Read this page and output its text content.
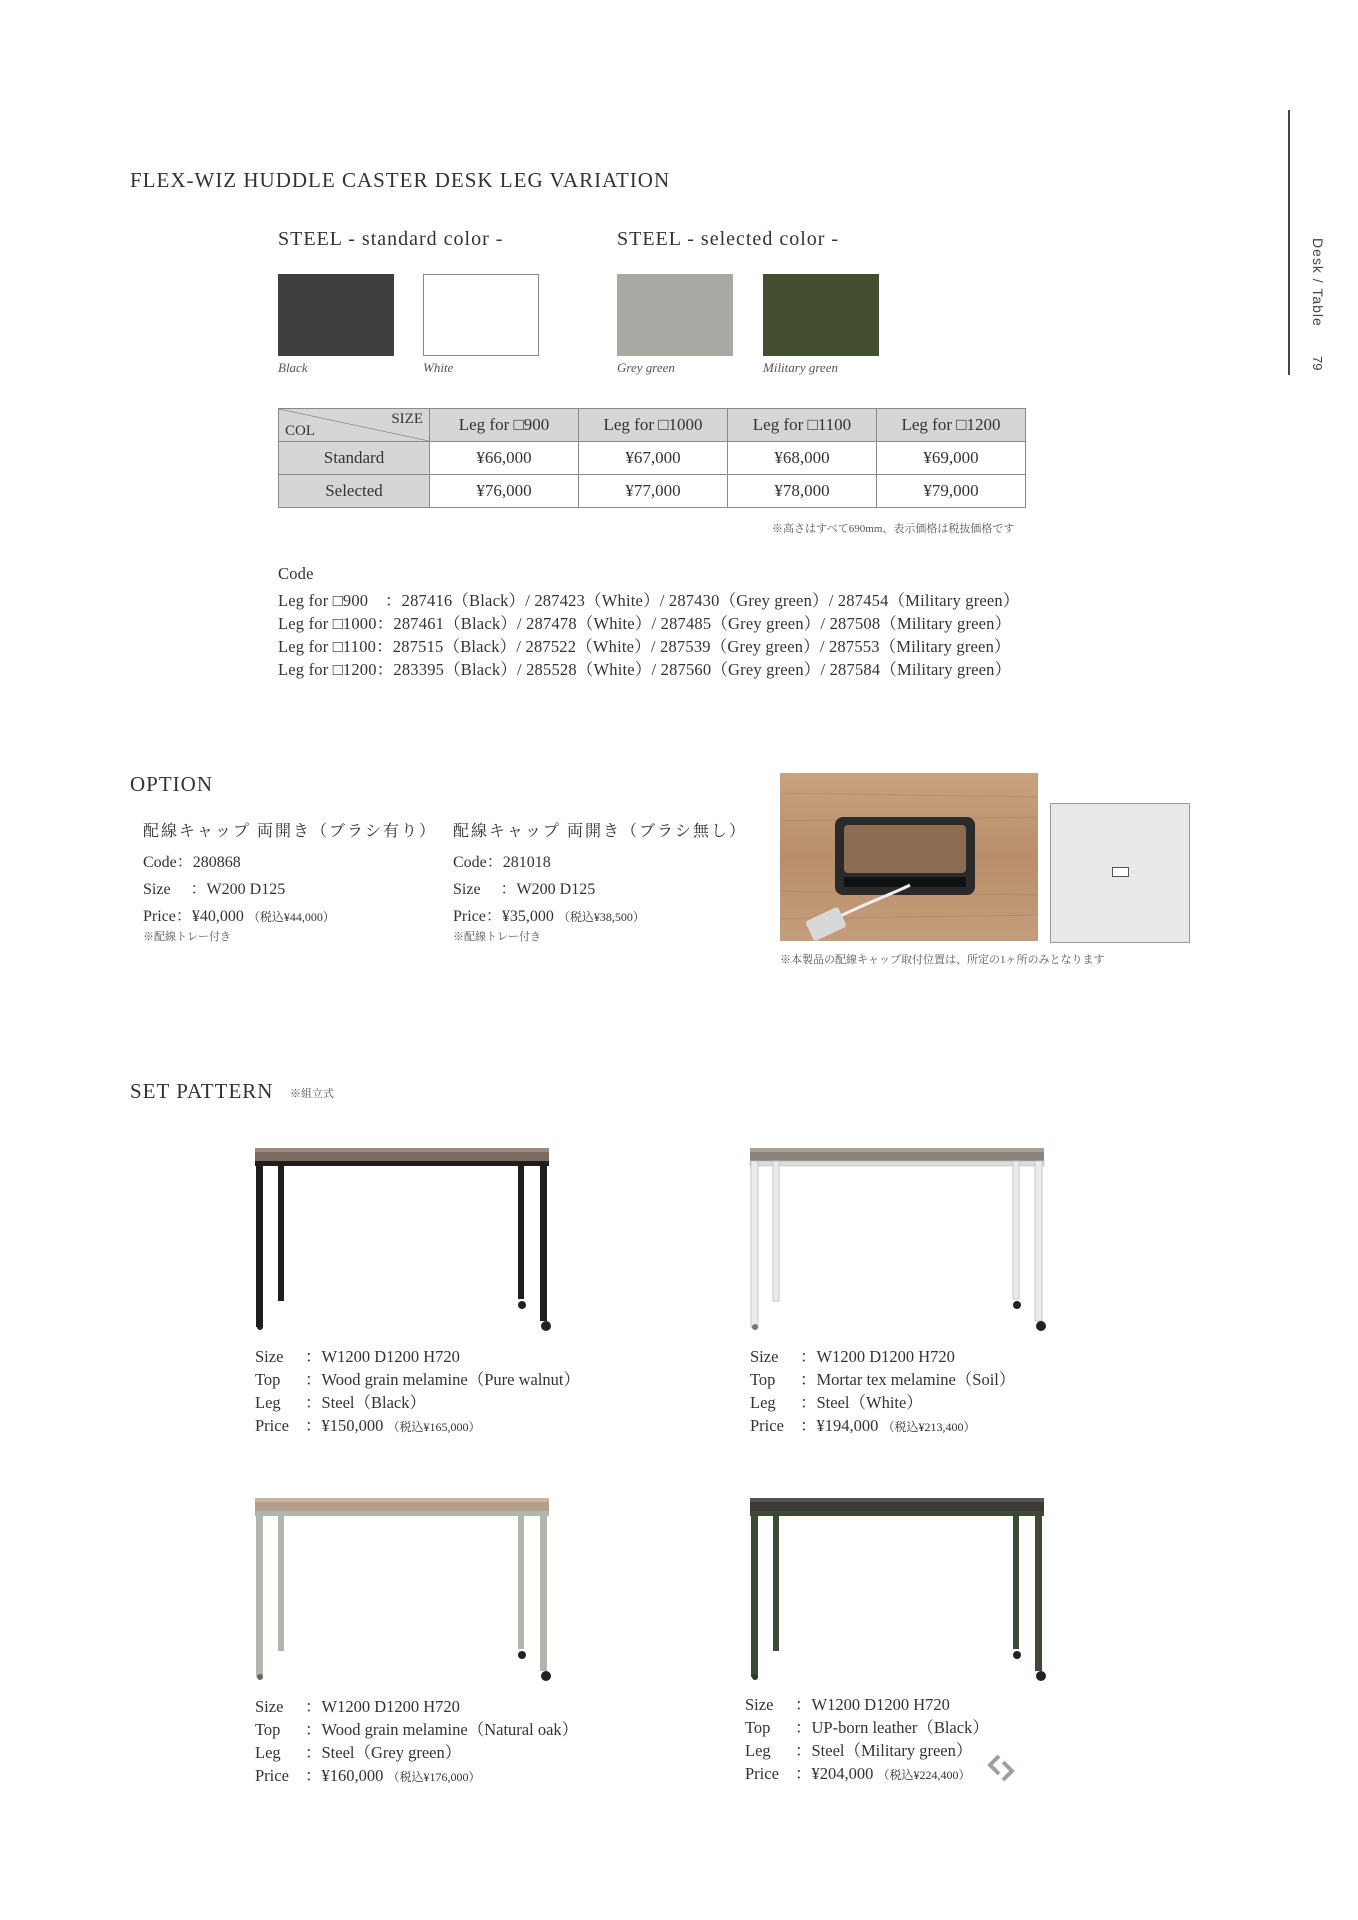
Desk / Table
79
FLEX-WIZ HUDDLE CASTER DESK LEG VARIATION
STEEL - standard color -	STEEL - selected color -
Black	White	Grey green	Military green
SIZE
COL	Leg for □900	Leg for □1000	Leg for □1100	Leg for □1200
Standard	¥66,000	¥67,000	¥68,000	¥69,000
Selected	¥76,000	¥77,000	¥78,000	¥79,000
※高さはすべて690mm、表示価格は税抜価格です
Code
Leg for □900　：287416（Black）/ 287423（White）/ 287430（Grey green）/ 287454（Military green）
Leg for □1000：287461（Black）/ 287478（White）/ 287485（Grey green）/ 287508（Military green）
Leg for □1100：287515（Black）/ 287522（White）/ 287539（Grey green）/ 287553（Military green）
Leg for □1200：283395（Black）/ 285528（White）/ 287560（Grey green）/ 287584（Military green）
OPTION
配線キャップ 両開き（ブラシ有り）
Code：280868
Size 　：W200 D125
Price：¥40,000 （税込¥44,000）
※配線トレー付き
配線キャップ 両開き（ブラシ無し）
Code：281018
Size 　：W200 D125
Price：¥35,000 （税込¥38,500）
※配線トレー付き
※本製品の配線キャップ取付位置は、所定の1ヶ所のみとなります
SET PATTERN ※組立式
Size ：W1200 D1200 H720
Top ：Wood grain melamine（Pure walnut）
Leg ：Steel（Black）
Price ：¥150,000 （税込¥165,000）
Size ：W1200 D1200 H720
Top ：Mortar tex melamine（Soil）
Leg ：Steel（White）
Price ：¥194,000 （税込¥213,400）
Size ：W1200 D1200 H720
Top ：Wood grain melamine（Natural oak）
Leg ：Steel（Grey green）
Price ：¥160,000 （税込¥176,000）
Size ：W1200 D1200 H720
Top ：UP-born leather（Black）
Leg ：Steel（Military green）
Price ：¥204,000 （税込¥224,400）
